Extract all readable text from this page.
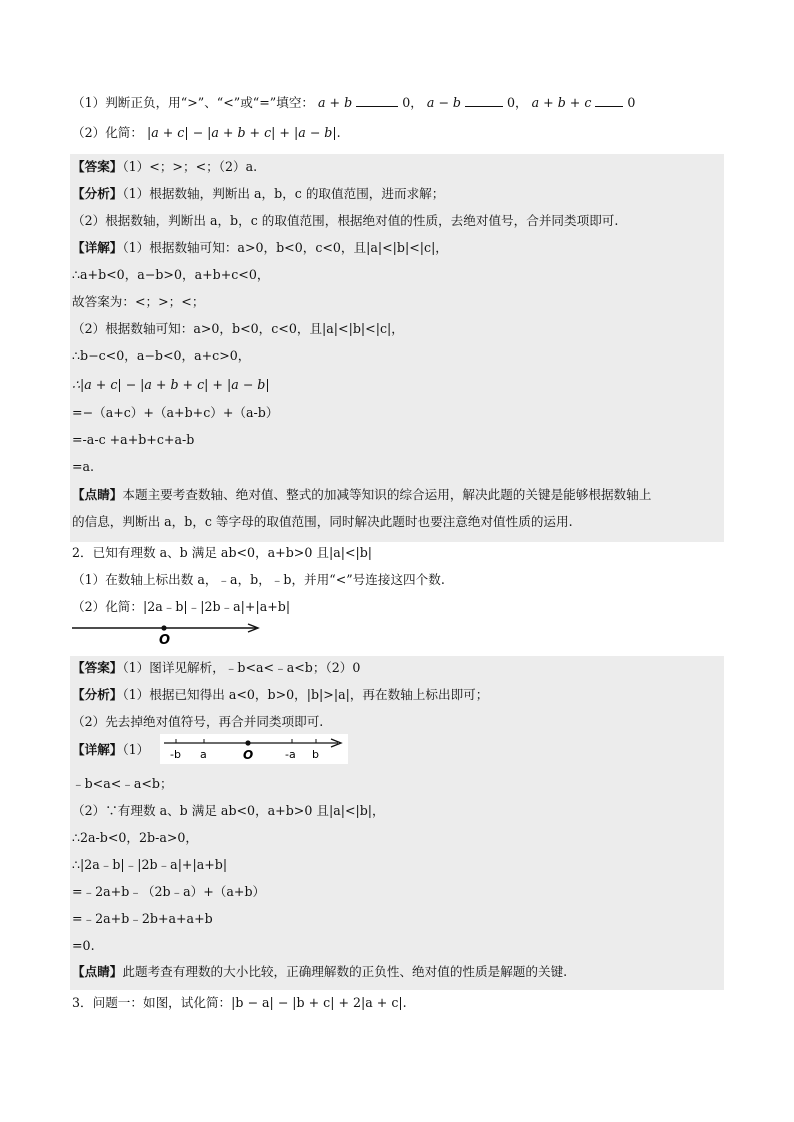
（1）判断正负，用“>”、“<”或“=”填空： a + b	0， a − b	0， a + b + c	0
（2）化简： |a + c| − |a + b + c| + |a − b|.
【答案】（1）<；>；<；（2）a.
【分析】（1）根据数轴，判断出 a，b，c 的取值范围，进而求解；
（2）根据数轴，判断出 a，b，c 的取值范围，根据绝对值的性质，去绝对值号，合并同类项即可.
【详解】（1）根据数轴可知：a>0，b<0，c<0，且|a|<|b|<|c|，
∴a+b<0，a−b>0，a+b+c<0，
故答案为：<；>；<；
（2）根据数轴可知：a>0，b<0，c<0，且|a|<|b|<|c|，
∴b−c<0，a−b<0，a+c>0，
∴|a + c| − |a + b + c| + |a − b|
=−（a+c）+（a+b+c）+（a-b）
=-a-c +a+b+c+a-b
=a.
【点睛】本题主要考查数轴、绝对值、整式的加减等知识的综合运用，解决此题的关键是能够根据数轴上
的信息，判断出 a，b，c 等字母的取值范围，同时解决此题时也要注意绝对值性质的运用.
2．已知有理数 a、b 满足 ab<0，a+b>0 且|a|<|b|
（1）在数轴上标出数 a，﹣a，b，﹣b，并用“<”号连接这四个数.
（2）化简：|2a﹣b|﹣|2b﹣a|+|a+b|
O
【答案】（1）图详见解析，﹣b<a<﹣a<b；（2）0
【分析】（1）根据已知得出 a<0，b>0，|b|>|a|，再在数轴上标出即可；
（2）先去掉绝对值符号，再合并同类项即可.
【详解】（1） -b a	O	-a b
﹣b<a<﹣a<b；
（2）∵有理数 a、b 满足 ab<0，a+b>0 且|a|<|b|，
∴2a-b<0，2b-a>0，
∴|2a﹣b|﹣|2b﹣a|+|a+b|
=﹣2a+b﹣（2b﹣a）+（a+b）
=﹣2a+b﹣2b+a+a+b
=0.
【点睛】此题考查有理数的大小比较，正确理解数的正负性、绝对值的性质是解题的关键.
3．问题一：如图，试化简：|b − a| − |b + c| + 2|a + c|.
